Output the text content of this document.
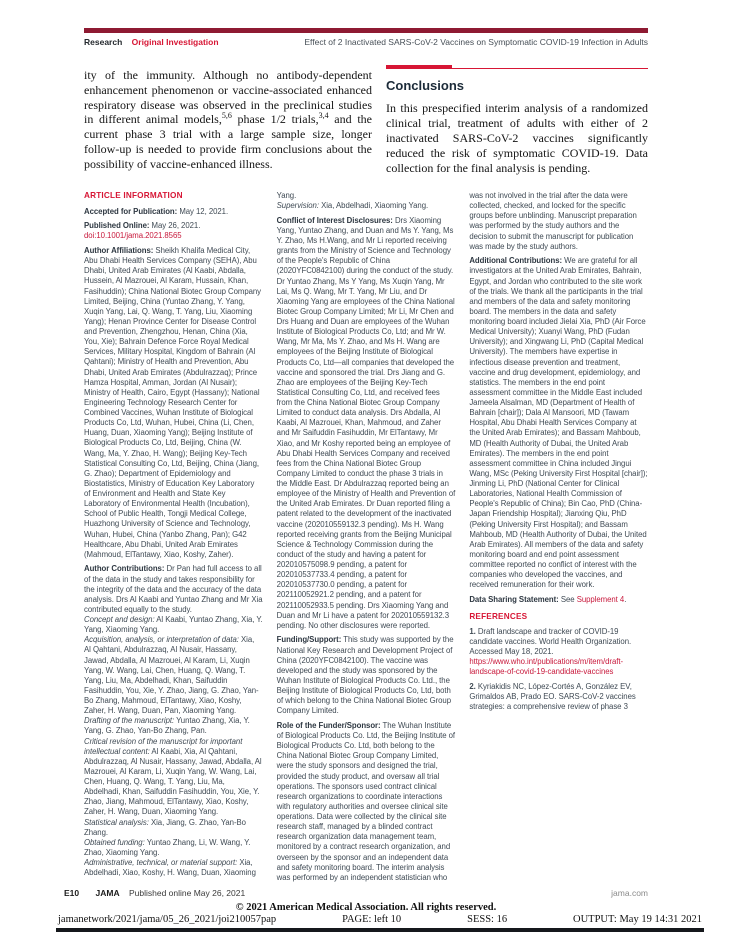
Research Original Investigation	Effect of 2 Inactivated SARS-CoV-2 Vaccines on Symptomatic COVID-19 Infection in Adults

ity of the immunity. Although no antibody-dependent enhancement phenomenon or vaccine-associated enhanced respiratory disease was observed in the preclinical studies in different animal models,$^{5,6}$ phase 1/2 trials,$^{3,4}$ and the current phase 3 trial with a large sample size, longer follow-up is needed to provide firm conclusions about the possibility of vaccine-enhanced illness.

Conclusions

In this prespecified interim analysis of a randomized clinical trial, treatment of adults with either of 2 inactivated SARS-CoV-2 vaccines significantly reduced the risk of symptomatic COVID-19. Data collection for the final analysis is pending.

ARTICLE INFORMATION

Accepted for Publication: May 12, 2021.

Published Online: May 26, 2021. doi:10.1001/jama.2021.8565

Author Affiliations: Sheikh Khalifa Medical City, Abu Dhabi Health Services Company (SEHA), Abu Dhabi, United Arab Emirates (Al Kaabi, Abdalla, Hussein, Al Mazrouei, Al Karam, Hussain, Khan, Fasihuddin); China National Biotec Group Company Limited, Beijing, China (Yuntao Zhang, Y. Yang, Xuqin Yang, Lai, Q. Wang, T. Yang, Liu, Xiaoming Yang); Henan Province Center for Disease Control and Prevention, Zhengzhou, Henan, China (Xia, You, Xie); Bahrain Defence Force Royal Medical Services, Military Hospital, Kingdom of Bahrain (Al Qahtani); Ministry of Health and Prevention, Abu Dhabi, United Arab Emirates (Abdulrazzaq); Prince Hamza Hospital, Amman, Jordan (Al Nusair); Ministry of Health, Cairo, Egypt (Hassany); National Engineering Technology Research Center for Combined Vaccines, Wuhan Institute of Biological Products Co, Ltd, Wuhan, Hubei, China (Li, Chen, Huang, Duan, Xiaoming Yang); Beijing Institute of Biological Products Co, Ltd, Beijing, China (W. Wang, Ma, Y. Zhao, H. Wang); Beijing Key-Tech Statistical Consulting Co, Ltd, Beijing, China (Jiang, G. Zhao); Department of Epidemiology and Biostatistics, Ministry of Education Key Laboratory of Environment and Health and State Key Laboratory of Environmental Health (Incubation), School of Public Health, Tongji Medical College, Huazhong University of Science and Technology, Wuhan, Hubei, China (Yanbo Zhang, Pan); G42 Healthcare, Abu Dhabi, United Arab Emirates (Mahmoud, ElTantawy, Xiao, Koshy, Zaher).

Author Contributions: Dr Pan had full access to all of the data in the study and takes responsibility for the integrity of the data and the accuracy of the data analysis. Drs Al Kaabi and Yuntao Zhang and Mr Xia contributed equally to the study.

Concept and design: Al Kaabi, Yuntao Zhang, Xia, Y. Yang, Xiaoming Yang.
Acquisition, analysis, or interpretation of data: Xia, Al Qahtani, Abdulrazzaq, Al Nusair, Hassany, Jawad, Abdalla, Al Mazrouei, Al Karam, Li, Xuqin Yang, W. Wang, Lai, Chen, Huang, Q. Wang, T. Yang, Liu, Ma, Abdelhadi, Khan, Saifuddin Fasihuddin, You, Xie, Y. Zhao, Jiang, G. Zhao, Yan-Bo Zhang, Mahmoud, ElTantawy, Xiao, Koshy, Zaher, H. Wang, Duan, Pan, Xiaoming Yang.
Drafting of the manuscript: Yuntao Zhang, Xia, Y. Yang, G. Zhao, Yan-Bo Zhang, Pan.
Critical revision of the manuscript for important intellectual content: Al Kaabi, Xia, Al Qahtani, Abdulrazzaq, Al Nusair, Hassany, Jawad, Abdalla, Al Mazrouei, Al Karam, Li, Xuqin Yang, W. Wang, Lai, Chen, Huang, Q. Wang, T. Yang, Liu, Ma, Abdelhadi, Khan, Saifuddin Fasihuddin, You, Xie, Y. Zhao, Jiang, Mahmoud, ElTantawy, Xiao, Koshy, Zaher, H. Wang, Duan, Xiaoming Yang.
Statistical analysis: Xia, Jiang, G. Zhao, Yan-Bo Zhang.
Obtained funding: Yuntao Zhang, Li, W. Wang, Y. Zhao, Xiaoming Yang.
Administrative, technical, or material support: Xia, Abdelhadi, Xiao, Koshy, H. Wang, Duan, Xiaoming Yang.
Supervision: Xia, Abdelhadi, Xiaoming Yang.

Conflict of Interest Disclosures: Drs Xiaoming Yang, Yuntao Zhang, and Duan and Ms Y. Yang, Ms Y. Zhao, Ms H.Wang, and Mr Li reported receiving grants from the Ministry of Science and Technology of the People's Republic of China (2020YFC0842100) during the conduct of the study. Dr Yuntao Zhang, Ms Y Yang, Ms Xuqin Yang, Mr Lai, Ms Q. Wang, Mr T. Yang, Mr Liu, and Dr Xiaoming Yang are employees of the China National Biotec Group Company Limited; Mr Li, Mr Chen and Drs Huang and Duan are employees of the Wuhan Institute of Biological Products Co, Ltd; and Mr W. Wang, Mr Ma, Ms Y. Zhao, and Ms H. Wang are employees of the Beijing Institute of Biological Products Co, Ltd—all companies that developed the vaccine and sponsored the trial. Drs Jiang and G. Zhao are employees of the Beijing Key-Tech Statistical Consulting Co, Ltd, and received fees from the China National Biotec Group Company Limited to conduct data analysis. Drs Abdalla, Al Kaabi, Al Mazrouei, Khan, Mahmoud, and Zaher and Mr Saifuddin Fasihuddin, Mr ElTantawy, Mr Xiao, and Mr Koshy reported being an employee of Abu Dhabi Health Services Company and received fees from the China National Biotec Group Company Limited to conduct the phase 3 trials in the Middle East. Dr Abdulrazzaq reported being an employee of the Ministry of Health and Prevention of the United Arab Emirates. Dr Duan reported filing a patent related to the development of the inactivated vaccine (202010559132.3 pending). Ms H. Wang reported receiving grants from the Beijing Municipal Science & Technology Commission during the conduct of the study and having a patent for 202010575098.9 pending, a patent for 202010537733.4 pending, a patent for 202010537730.0 pending, a patent for 202110052921.2 pending, and a patent for 202110052933.5 pending. Drs Xiaoming Yang and Duan and Mr Li have a patent for 202010559132.3 pending. No other disclosures were reported.

Funding/Support: This study was supported by the National Key Research and Development Project of China (2020YFC0842100). The vaccine was developed and the study was sponsored by the Wuhan Institute of Biological Products Co. Ltd., the Beijing Institute of Biological Products Co, Ltd, both of which belong to the China National Biotec Group Company Limited.

Role of the Funder/Sponsor: The Wuhan Institute of Biological Products Co. Ltd, the Beijing Institute of Biological Products Co. Ltd, both belong to the China National Biotec Group Company Limited, were the study sponsors and designed the trial, provided the study product, and oversaw all trial operations. The sponsors used contract clinical research organizations to coordinate interactions with regulatory authorities and oversee clinical site operations. Data were collected by the clinical site research staff, managed by a blinded contract research organization data management team, monitored by a contract research organization, and overseen by the sponsor and an independent data and safety monitoring board. The interim analysis was performed by an independent statistician who was not involved in the trial after the data were collected, checked, and locked for the specific groups before unblinding. Manuscript preparation was performed by the study authors and the decision to submit the manuscript for publication was made by the study authors.

Additional Contributions: We are grateful for all investigators at the United Arab Emirates, Bahrain, Egypt, and Jordan who contributed to the site work of the trials. We thank all the participants in the trial and members of the data and safety monitoring board. The members in the data and safety monitoring board included Jielai Xia, PhD (Air Force Medical University); Xuanyi Wang, PhD (Fudan University); and Xingwang Li, PhD (Capital Medical University). The members have expertise in infectious disease prevention and treatment, vaccine and drug development, epidemiology, and statistics. The members in the end point assessment committee in the Middle East included Jameela Alsalman, MD (Department of Health of Bahrain [chair]); Dala Al Mansoori, MD (Tawam Hospital, Abu Dhabi Health Services Company at the United Arab Emirates); and Bassam Mahboub, MD (Health Authority of Dubai, the United Arab Emirates). The members in the end point assessment committee in China included Jingui Wang, MSc (Peking University First Hospital [chair]); Jinming Li, PhD (National Center for Clinical Laboratories, National Health Commission of People's Republic of China); Bin Cao, PhD (China-Japan Friendship Hospital); Jianxing Qiu, PhD (Peking University First Hospital); and Bassam Mahboub, MD (Health Authority of Dubai, the United Arab Emirates). All members of the data and safety monitoring board and end point assessment committee reported no conflict of interest with the companies who developed the vaccines, and received remuneration for their work.

Data Sharing Statement: See Supplement 4.

REFERENCES

1. Draft landscape and tracker of COVID-19 candidate vaccines. World Health Organization. Accessed May 18, 2021. https://www.who.int/publications/m/item/draft-landscape-of-covid-19-candidate-vaccines

2. Kyriakidis NC, López-Cortés A, González EV, Grimaldos AB, Prado EO. SARS-CoV-2 vaccines strategies: a comprehensive review of phase 3

E10 JAMA Published online May 26, 2021	jama.com
© 2021 American Medical Association. All rights reserved.
jamanetwork/2021/jama/05_26_2021/joi210057pap	PAGE: left 10	SESS: 16	OUTPUT: May 19 14:31 2021
